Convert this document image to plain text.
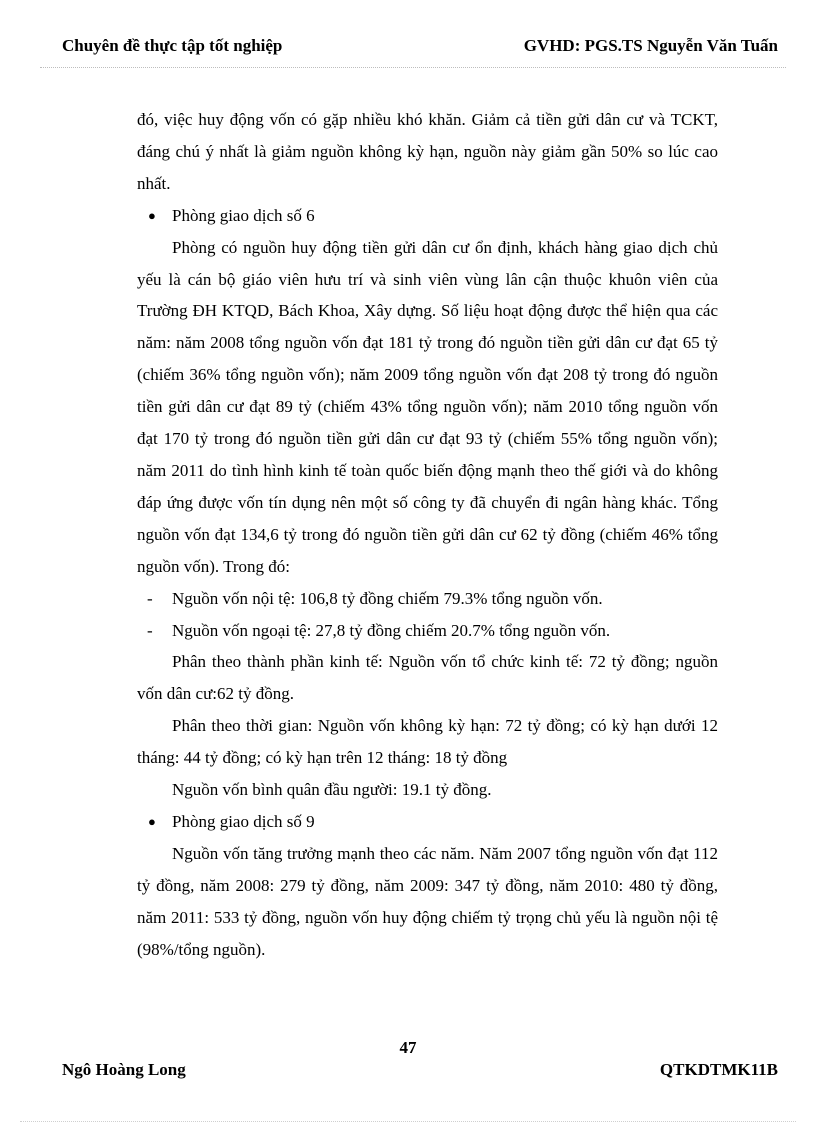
Chuyên đề thực tập tốt nghiệp	GVHD: PGS.TS Nguyễn Văn Tuấn

đó, việc huy động vốn có gặp nhiều khó khăn. Giảm cả tiền gửi dân cư và TCKT, đáng chú ý nhất là giảm nguồn không kỳ hạn, nguồn này giảm gần 50% so lúc cao nhất.

● Phòng giao dịch số 6

Phòng có nguồn huy động tiền gửi dân cư ổn định, khách hàng giao dịch chủ yếu là cán bộ giáo viên hưu trí và sinh viên vùng lân cận thuộc khuôn viên của Trường ĐH KTQD, Bách Khoa, Xây dựng. Số liệu hoạt động được thể hiện qua các năm: năm 2008 tổng nguồn vốn đạt 181 tỷ trong đó nguồn tiền gửi dân cư đạt 65 tỷ (chiếm 36% tổng nguồn vốn); năm 2009 tổng nguồn vốn đạt 208 tỷ trong đó nguồn tiền gửi dân cư đạt 89 tỷ (chiếm 43% tổng nguồn vốn); năm 2010 tổng nguồn vốn đạt 170 tỷ trong đó nguồn tiền gửi dân cư đạt 93 tỷ (chiếm 55% tổng nguồn vốn); năm 2011 do tình hình kinh tế toàn quốc biến động mạnh theo thế giới và do không đáp ứng được vốn tín dụng nên một số công ty đã chuyển đi ngân hàng khác. Tổng nguồn vốn đạt 134,6 tỷ trong đó nguồn tiền gửi dân cư 62 tỷ đồng (chiếm 46% tổng nguồn vốn). Trong đó:

- Nguồn vốn nội tệ: 106,8 tỷ đồng chiếm 79.3% tổng nguồn vốn.

- Nguồn vốn ngoại tệ: 27,8 tỷ đồng chiếm 20.7% tổng nguồn vốn.

Phân theo thành phần kinh tế: Nguồn vốn tổ chức kinh tế: 72 tỷ đồng; nguồn vốn dân cư:62 tỷ đồng.

Phân theo thời gian: Nguồn vốn không kỳ hạn: 72 tỷ đồng; có kỳ hạn dưới 12 tháng: 44 tỷ đồng; có kỳ hạn trên 12 tháng: 18 tỷ đồng

Nguồn vốn bình quân đầu người: 19.1 tỷ đồng.

● Phòng giao dịch số 9

Nguồn vốn tăng trưởng mạnh theo các năm. Năm 2007 tổng nguồn vốn đạt 112 tỷ đồng, năm 2008: 279 tỷ đồng, năm 2009: 347 tỷ đồng, năm 2010: 480 tỷ đồng, năm 2011: 533 tỷ đồng, nguồn vốn huy động chiếm tỷ trọng chủ yếu là nguồn nội tệ (98%/tổng nguồn).

47
Ngô Hoàng Long	QTKDTMK11B
